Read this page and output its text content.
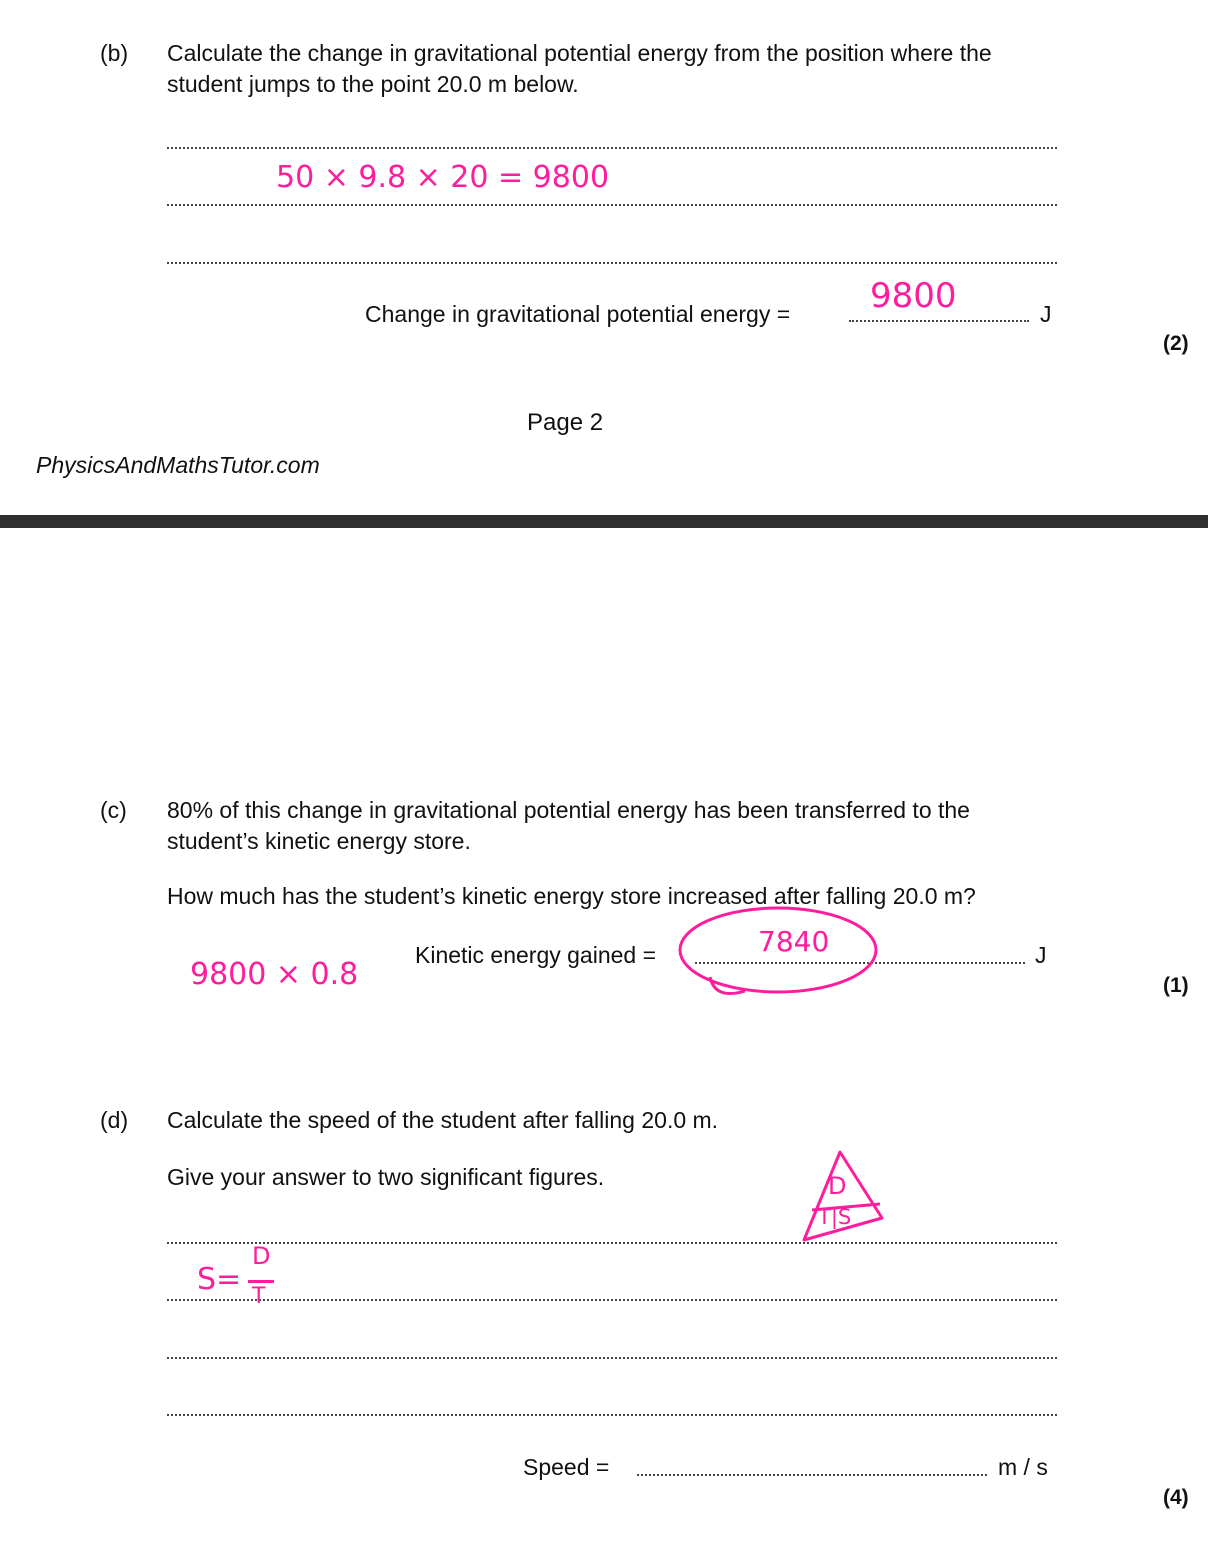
(b) Calculate the change in gravitational potential energy from the position where the
student jumps to the point 20.0 m below.
50 × 9.8 × 20 = 9800
Change in gravitational potential energy = 9800	J
(2)
Page 2
PhysicsAndMathsTutor.com
(c) 80% of this change in gravitational potential energy has been transferred to the
student’s kinetic energy store.
How much has the student’s kinetic energy store increased after falling 20.0 m?
9800 × 0.8
Kinetic energy gained =	7840	J
(1)
(d) Calculate the speed of the student after falling 20.0 m.
Give your answer to two significant figures.
S=
D
T
D
T|S
Speed =	m / s
(4)
